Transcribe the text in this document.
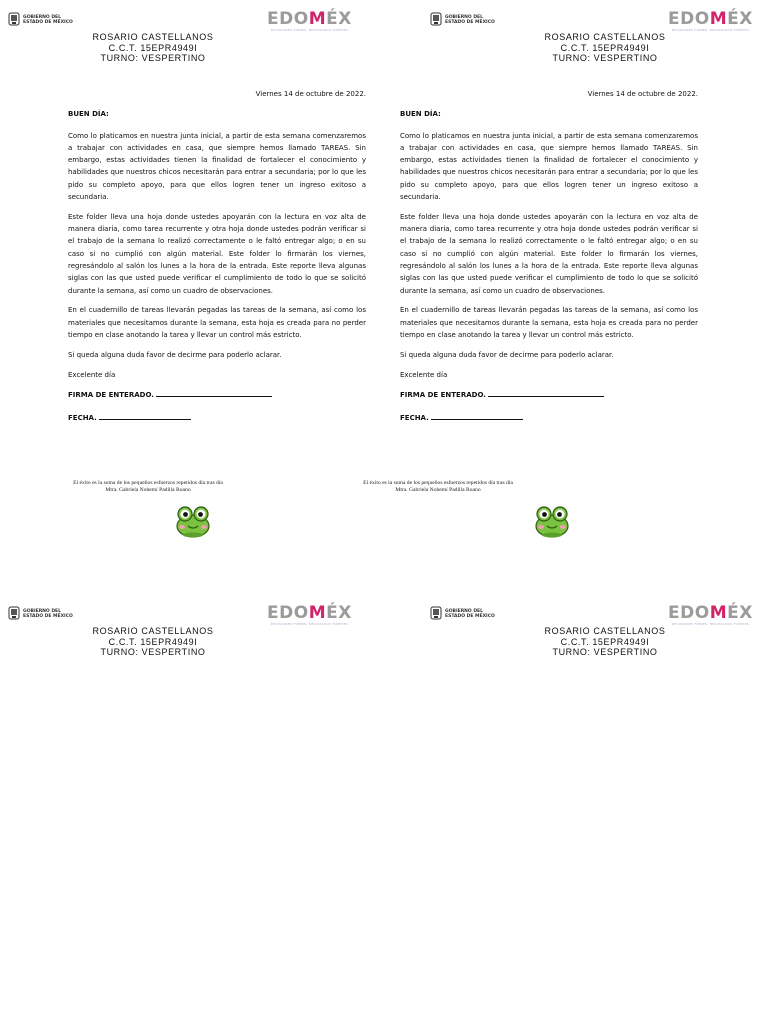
GOBIERNO DEL
ESTADO DE MÉXICO	EDOMÉX
DECISIONES FIRMES, RESULTADOS FUERTES
ROSARIO CASTELLANOS
C.C.T. 15EPR4949I
TURNO: VESPERTINO

Viernes 14 de octubre de 2022.

BUEN DÍA:

Como lo platicamos en nuestra junta inicial, a partir de esta semana comenzaremos a trabajar con actividades en casa, que siempre hemos llamado TAREAS. Sin embargo, estas actividades tienen la finalidad de fortalecer el conocimiento y habilidades que nuestros chicos necesitarán para entrar a secundaria; por lo que les pido su completo apoyo, para que ellos logren tener un ingreso exitoso a secundaria.

Este folder lleva una hoja donde ustedes apoyarán con la lectura en voz alta de manera diaria, como tarea recurrente y otra hoja donde ustedes podrán verificar si el trabajo de la semana lo realizó correctamente o le faltó entregar algo; o en su caso si no cumplió con algún material. Este folder lo firmarán los viernes, regresándolo al salón los lunes a la hora de la entrada. Este reporte lleva algunas siglas con las que usted puede verificar el cumplimiento de todo lo que se solicitó durante la semana, así como un cuadro de observaciones.

En el cuadernillo de tareas llevarán pegadas las tareas de la semana, así como los materiales que necesitamos durante la semana, esta hoja es creada para no perder tiempo en clase anotando la tarea y llevar un control más estricto.

Si queda alguna duda favor de decirme para poderlo aclarar.

Excelente día

FIRMA DE ENTERADO.

FECHA.

El éxito es la suma de los pequeños esfuerzos repetidos día tras día
Mtra. Gabriela Nohemí Padilla Ruano
GOBIERNO DEL
ESTADO DE MÉXICO	EDOMÉX
DECISIONES FIRMES, RESULTADOS FUERTES
ROSARIO CASTELLANOS
C.C.T. 15EPR4949I
TURNO: VESPERTINO

Viernes 14 de octubre de 2022.

BUEN DÍA:

Como lo platicamos en nuestra junta inicial, a partir de esta semana comenzaremos a trabajar con actividades en casa, que siempre hemos llamado TAREAS. Sin embargo, estas actividades tienen la finalidad de fortalecer el conocimiento y habilidades que nuestros chicos necesitarán para entrar a secundaria; por lo que les pido su completo apoyo, para que ellos logren tener un ingreso exitoso a secundaria.

Este folder lleva una hoja donde ustedes apoyarán con la lectura en voz alta de manera diaria, como tarea recurrente y otra hoja donde ustedes podrán verificar si el trabajo de la semana lo realizó correctamente o le faltó entregar algo; o en su caso si no cumplió con algún material. Este folder lo firmarán los viernes, regresándolo al salón los lunes a la hora de la entrada. Este reporte lleva algunas siglas con las que usted puede verificar el cumplimiento de todo lo que se solicitó durante la semana, así como un cuadro de observaciones.

En el cuadernillo de tareas llevarán pegadas las tareas de la semana, así como los materiales que necesitamos durante la semana, esta hoja es creada para no perder tiempo en clase anotando la tarea y llevar un control más estricto.

Si queda alguna duda favor de decirme para poderlo aclarar.

Excelente día

FIRMA DE ENTERADO.

FECHA.

El éxito es la suma de los pequeños esfuerzos repetidos día tras día
Mtra. Gabriela Nohemí Padilla Ruano
GOBIERNO DEL
ESTADO DE MÉXICO	EDOMÉX
DECISIONES FIRMES, RESULTADOS FUERTES
ROSARIO CASTELLANOS
C.C.T. 15EPR4949I
TURNO: VESPERTINO
GOBIERNO DEL
ESTADO DE MÉXICO	EDOMÉX
DECISIONES FIRMES, RESULTADOS FUERTES
ROSARIO CASTELLANOS
C.C.T. 15EPR4949I
TURNO: VESPERTINO
